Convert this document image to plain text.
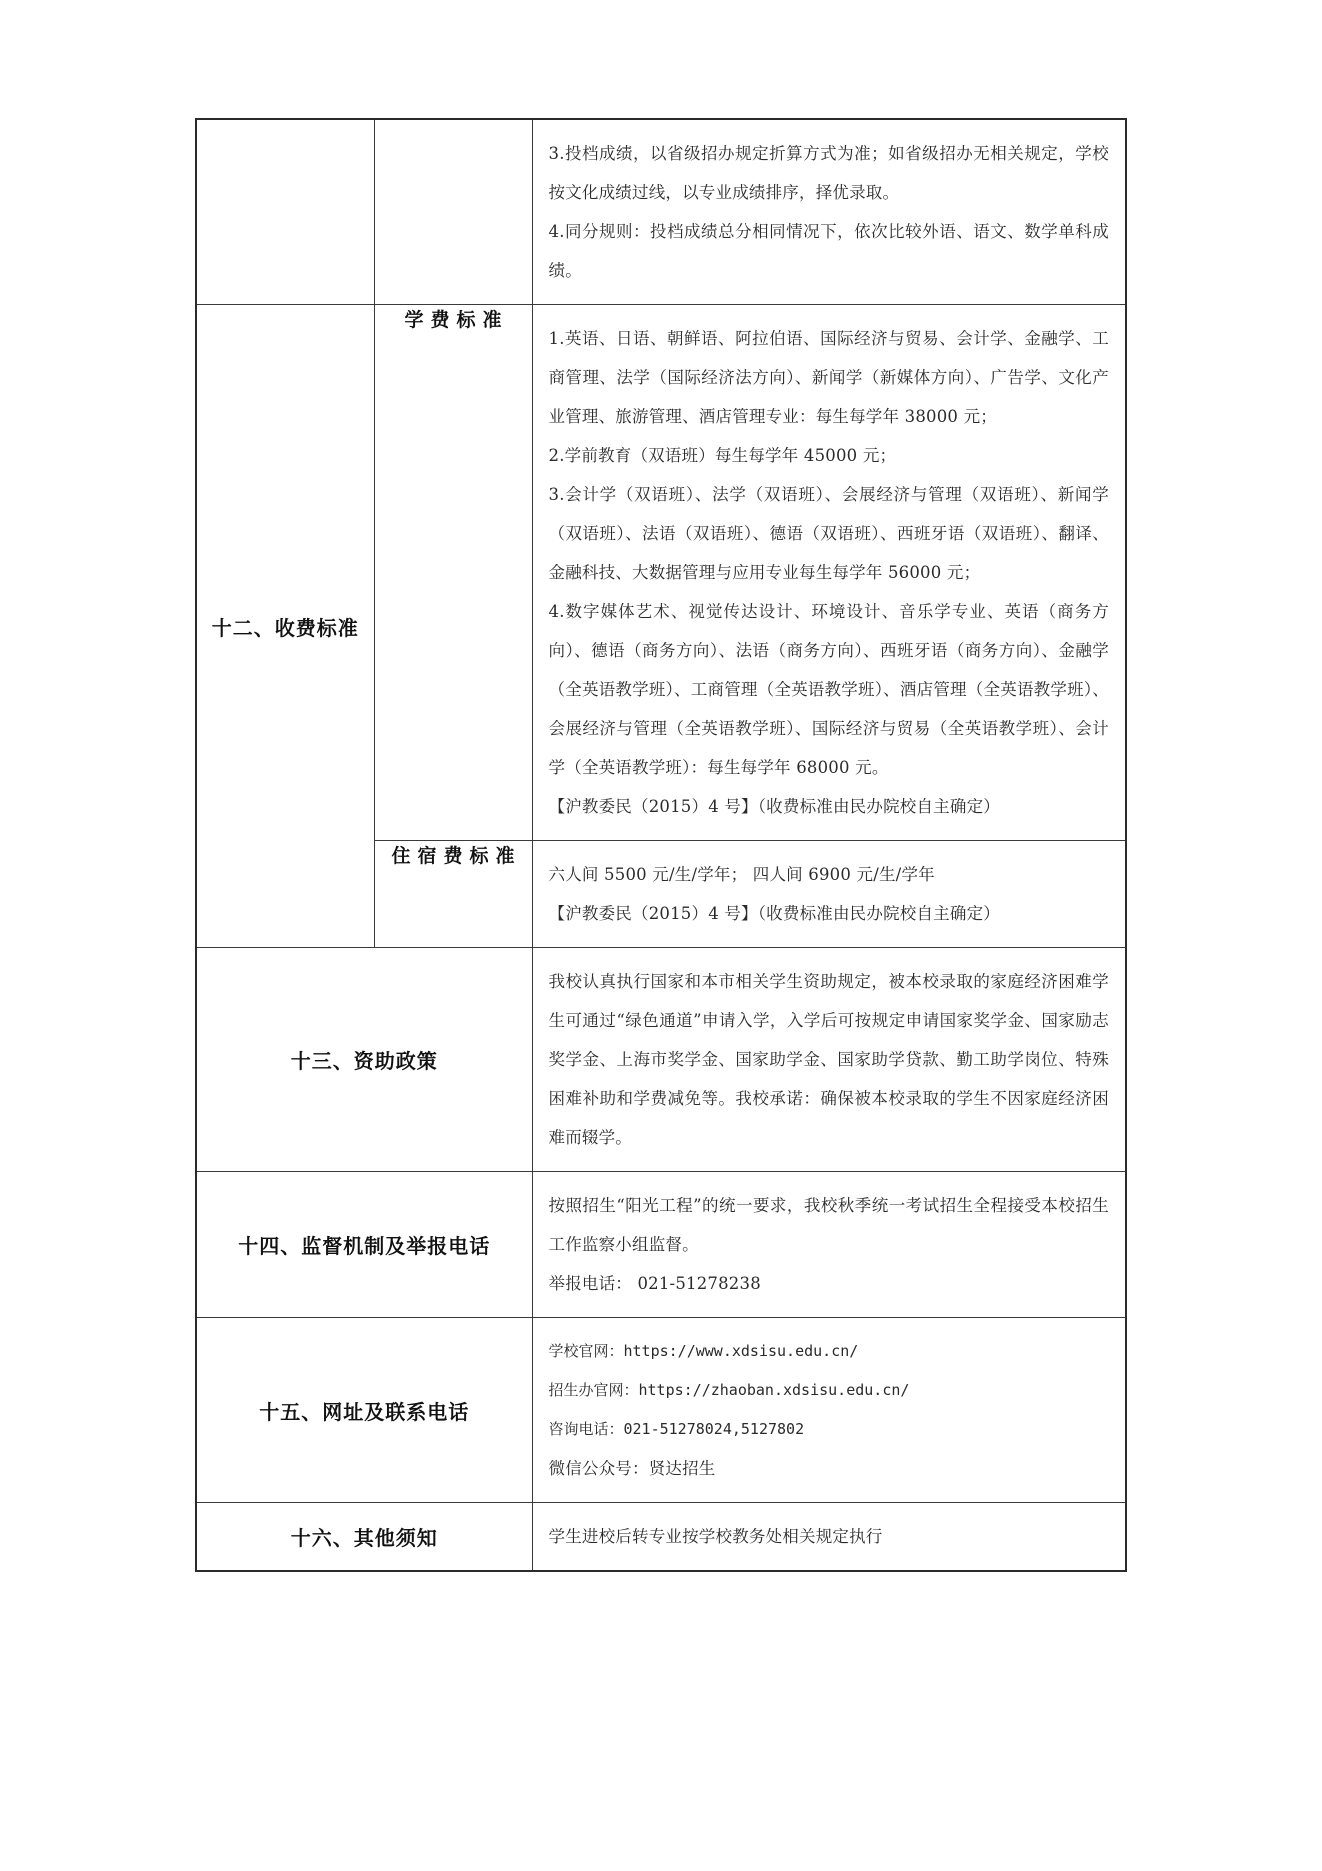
		3.投档成绩，以省级招办规定折算方式为准；如省级招办无相关规定，学校按文化成绩过线，以专业成绩排序，择优录取。

4.同分规则：投档成绩总分相同情况下，依次比较外语、语文、数学单科成绩。

十二、收费标准	学费标准	1.英语、日语、朝鲜语、阿拉伯语、国际经济与贸易、会计学、金融学、工商管理、法学（国际经济法方向）、新闻学（新媒体方向）、广告学、文化产业管理、旅游管理、酒店管理专业：每生每学年 38000 元；

2.学前教育（双语班）每生每学年 45000 元；

3.会计学（双语班）、法学（双语班）、会展经济与管理（双语班）、新闻学（双语班）、法语（双语班）、德语（双语班）、西班牙语（双语班）、翻译、金融科技、大数据管理与应用专业每生每学年 56000 元；

4.数字媒体艺术、视觉传达设计、环境设计、音乐学专业、英语（商务方向）、德语（商务方向）、法语（商务方向）、西班牙语（商务方向）、金融学（全英语教学班）、工商管理（全英语教学班）、酒店管理（全英语教学班）、会展经济与管理（全英语教学班）、国际经济与贸易（全英语教学班）、会计学（全英语教学班）：每生每学年 68000 元。

【沪教委民（2015）4 号】（收费标准由民办院校自主确定）

	住宿费标准	六人间 5500 元/生/学年； 四人间 6900 元/生/学年

【沪教委民（2015）4 号】（收费标准由民办院校自主确定）

十三、资助政策		我校认真执行国家和本市相关学生资助规定，被本校录取的家庭经济困难学生可通过“绿色通道”申请入学，入学后可按规定申请国家奖学金、国家励志奖学金、上海市奖学金、国家助学金、国家助学贷款、勤工助学岗位、特殊困难补助和学费减免等。我校承诺：确保被本校录取的学生不因家庭经济困难而辍学。

十四、监督机制及举报电话		按照招生“阳光工程”的统一要求，我校秋季统一考试招生全程接受本校招生工作监察小组监督。

举报电话： 021-51278238

十五、网址及联系电话		学校官网：https://www.xdsisu.edu.cn/

招生办官网：https://zhaoban.xdsisu.edu.cn/

咨询电话：021-51278024,5127802

微信公众号：贤达招生

十六、其他须知		学生进校后转专业按学校教务处相关规定执行
